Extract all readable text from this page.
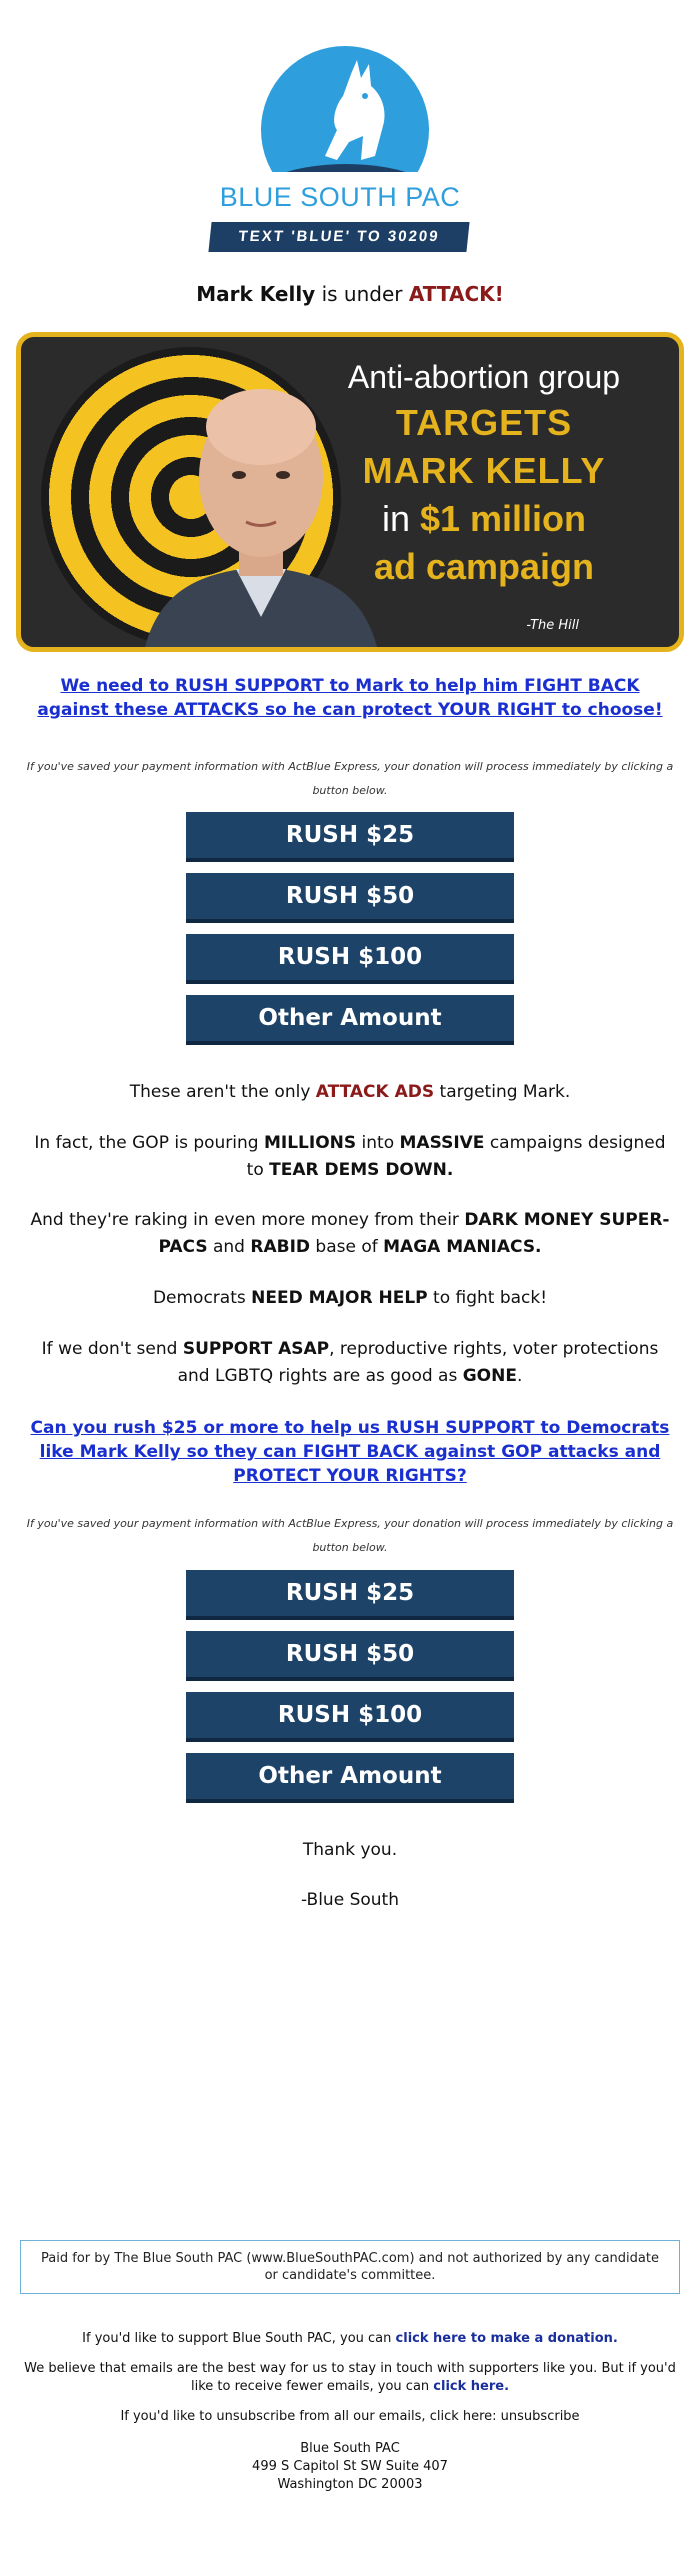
BLUE SOUTH PAC
TEXT 'BLUE' TO 30209
Mark Kelly is under ATTACK!
Anti-abortion group
TARGETS
MARK KELLY
in $1 million
ad campaign
-The Hill
We need to RUSH SUPPORT to Mark to help him FIGHT BACK against these ATTACKS so he can protect YOUR RIGHT to choose!
If you've saved your payment information with ActBlue Express, your donation will process immediately by clicking a button below.
RUSH $25
RUSH $50
RUSH $100
Other Amount
These aren't the only ATTACK ADS targeting Mark.
In fact, the GOP is pouring MILLIONS into MASSIVE campaigns designed to TEAR DEMS DOWN.
And they're raking in even more money from their DARK MONEY SUPER-PACS and RABID base of MAGA MANIACS.
Democrats NEED MAJOR HELP to fight back!
If we don't send SUPPORT ASAP, reproductive rights, voter protections and LGBTQ rights are as good as GONE.
Can you rush $25 or more to help us RUSH SUPPORT to Democrats like Mark Kelly so they can FIGHT BACK against GOP attacks and PROTECT YOUR RIGHTS?
If you've saved your payment information with ActBlue Express, your donation will process immediately by clicking a button below.
RUSH $25
RUSH $50
RUSH $100
Other Amount
Thank you.
-Blue South
Paid for by The Blue South PAC (www.BlueSouthPAC.com) and not authorized by any candidate or candidate's committee.
If you'd like to support Blue South PAC, you can click here to make a donation.
We believe that emails are the best way for us to stay in touch with supporters like you. But if you'd like to receive fewer emails, you can click here.
If you'd like to unsubscribe from all our emails, click here: unsubscribe
Blue South PAC
499 S Capitol St SW Suite 407
Washington DC 20003
